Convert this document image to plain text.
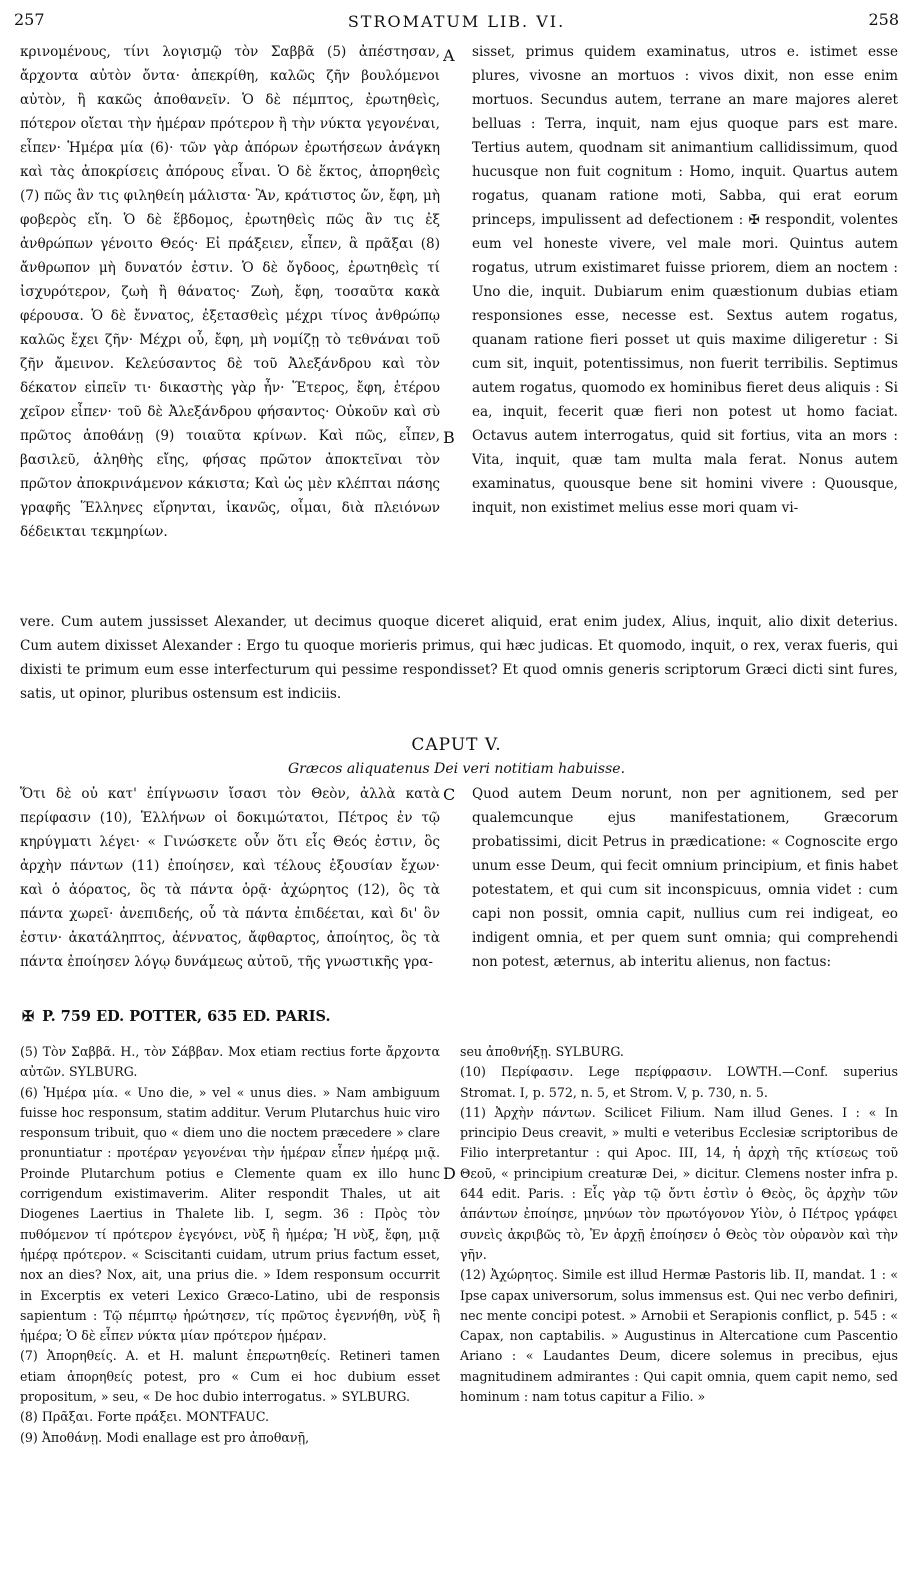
257	STROMATUM LIB. VI.	258
A
B
C
D

κρινομένους, τίνι λογισμῷ τὸν Σαββᾶ (5) ἀπέστησαν, ἄρχοντα αὐτὸν ὄντα· ἀπεκρίθη, καλῶς ζῆν βουλόμενοι αὐτὸν, ἢ κακῶς ἀποθανεῖν. Ὁ δὲ πέμπτος, ἐρωτηθεὶς, πότερον οἴεται τὴν ἡμέραν πρότερον ἢ τὴν νύκτα γεγονέναι, εἶπεν· Ἡμέρα μία (6)· τῶν γὰρ ἀπόρων ἐρωτήσεων ἀνάγκη καὶ τὰς ἀποκρίσεις ἀπόρους εἶναι. Ὁ δὲ ἕκτος, ἀπορηθεὶς (7) πῶς ἂν τις φιληθείη μάλιστα· Ἂν, κράτιστος ὤν, ἔφη, μὴ φοβερὸς εἴη. Ὁ δὲ ἕβδομος, ἐρωτηθεὶς πῶς ἂν τις ἐξ ἀνθρώπων γένοιτο Θεός· Εἰ πράξειεν, εἶπεν, ἃ πρᾶξαι (8) ἄνθρωπον μὴ δυνατόν ἐστιν. Ὁ δὲ ὄγδοος, ἐρωτηθεὶς τί ἰσχυρότερον, ζωὴ ἢ θάνατος· Ζωὴ, ἔφη, τοσαῦτα κακὰ φέρουσα. Ὁ δὲ ἔννατος, ἐξετασθεὶς μέχρι τίνος ἀνθρώπῳ καλῶς ἔχει ζῆν· Μέχρι οὗ, ἔφη, μὴ νομίζῃ τὸ τεθνάναι τοῦ ζῆν ἄμεινον. Κελεύσαντος δὲ τοῦ Ἀλεξάνδρου καὶ τὸν δέκατον εἰπεῖν τι· δικαστὴς γὰρ ἦν· Ἕτερος, ἔφη, ἑτέρου χεῖρον εἶπεν· τοῦ δὲ Ἀλεξάνδρου φήσαντος· Οὐκοῦν καὶ σὺ πρῶτος ἀποθάνῃ (9) τοιαῦτα κρίνων. Καὶ πῶς, εἶπεν, βασιλεῦ, ἀληθὴς εἴης, φήσας πρῶτον ἀποκτεῖναι τὸν πρῶτον ἀποκρινάμενον κάκιστα; Καὶ ὡς μὲν κλέπται πάσης γραφῆς Ἕλληνες εἴρηνται, ἱκανῶς, οἶμαι, διὰ πλειόνων δέδεικται τεκμηρίων.

sisset, primus quidem examinatus, utros e. istimet esse plures, vivosne an mortuos : vivos dixit, non esse enim mortuos. Secundus autem, terrane an mare majores aleret belluas : Terra, inquit, nam ejus quoque pars est mare. Tertius autem, quodnam sit animantium callidissimum, quod hucusque non fuit cognitum : Homo, inquit. Quartus autem rogatus, quanam ratione moti, Sabba, qui erat eorum princeps, impulissent ad defectionem : ✠ respondit, volentes eum vel honeste vivere, vel male mori. Quintus autem rogatus, utrum existimaret fuisse priorem, diem an noctem : Uno die, inquit. Dubiarum enim quæstionum dubias etiam responsiones esse, necesse est. Sextus autem rogatus, quanam ratione fieri posset ut quis maxime diligeretur : Si cum sit, inquit, potentissimus, non fuerit terribilis. Septimus autem rogatus, quomodo ex hominibus fieret deus aliquis : Si ea, inquit, fecerit quæ fieri non potest ut homo faciat. Octavus autem interrogatus, quid sit fortius, vita an mors : Vita, inquit, quæ tam multa mala ferat. Nonus autem examinatus, quousque bene sit homini vivere : Quousque, inquit, non existimet melius esse mori quam vi-

vere. Cum autem jussisset Alexander, ut decimus quoque diceret aliquid, erat enim judex, Alius, inquit, alio dixit deterius. Cum autem dixisset Alexander : Ergo tu quoque morieris primus, qui hæc judicas. Et quomodo, inquit, o rex, verax fueris, qui dixisti te primum eum esse interfecturum qui pessime respondisset? Et quod omnis generis scriptorum Græci dicti sint fures, satis, ut opinor, pluribus ostensum est indiciis.

CAPUT V.
Græcos aliquatenus Dei veri notitiam habuisse.

Ὅτι δὲ οὐ κατ' ἐπίγνωσιν ἴσασι τὸν Θεὸν, ἀλλὰ κατὰ περίφασιν (10), Ἑλλήνων οἱ δοκιμώτατοι, Πέτρος ἐν τῷ κηρύγματι λέγει· « Γινώσκετε οὖν ὅτι εἷς Θεός ἐστιν, ὃς ἀρχὴν πάντων (11) ἐποίησεν, καὶ τέλους ἐξουσίαν ἔχων· καὶ ὁ ἀόρατος, ὃς τὰ πάντα ὁρᾷ· ἀχώρητος (12), ὃς τὰ πάντα χωρεῖ· ἀνεπιδεής, οὗ τὰ πάντα ἐπιδέεται, καὶ δι' ὃν ἐστιν· ἀκατάληπτος, ἀέννατος, ἄφθαρτος, ἀποίητος, ὃς τὰ πάντα ἐποίησεν λόγῳ δυνάμεως αὐτοῦ, τῆς γνωστικῆς γρα-

Quod autem Deum norunt, non per agnitionem, sed per qualemcunque ejus manifestationem, Græcorum probatissimi, dicit Petrus in prædicatione: « Cognoscite ergo unum esse Deum, qui fecit omnium principium, et finis habet potestatem, et qui cum sit inconspicuus, omnia videt : cum capi non possit, omnia capit, nullius cum rei indigeat, eo indigent omnia, et per quem sunt omnia; qui comprehendi non potest, æternus, ab interitu alienus, non factus:

✠ P. 759 ED. POTTER, 635 ED. PARIS.

(5) Τὸν Σαββᾶ. H., τὸν Σάββαν. Mox etiam rectius forte ἄρχοντα αὐτῶν. SYLBURG.

(6) Ἡμέρα μία. « Uno die, » vel « unus dies. » Nam ambiguum fuisse hoc responsum, statim additur. Verum Plutarchus huic viro responsum tribuit, quo « diem uno die noctem præcedere » clare pronuntiatur : προτέραν γεγονέναι τὴν ἡμέραν εἶπεν ἡμέρᾳ μιᾷ. Proinde Plutarchum potius e Clemente quam ex illo hunc corrigendum existimaverim. Aliter respondit Thales, ut ait Diogenes Laertius in Thalete lib. I, segm. 36 : Πρὸς τὸν πυθόμενον τί πρότερον ἐγεγόνει, νὺξ ἢ ἡμέρα; Ἡ νὺξ, ἔφη, μιᾷ ἡμέρᾳ πρότερον. « Sciscitanti cuidam, utrum prius factum esset, nox an dies? Nox, ait, una prius die. » Idem responsum occurrit in Excerptis ex veteri Lexico Græco-Latino, ubi de responsis sapientum : Τῷ πέμπτῳ ἠρώτησεν, τίς πρῶτος ἐγεννήθη, νὺξ ἢ ἡμέρα; Ὁ δὲ εἶπεν νύκτα μίαν πρότερον ἡμέραν.

(7) Ἀπορηθείς. A. et H. malunt ἐπερωτηθείς. Retineri tamen etiam ἀπορηθείς potest, pro « Cum ei hoc dubium esset propositum, » seu, « De hoc dubio interrogatus. » SYLBURG.

(8) Πρᾶξαι. Forte πράξει. MONTFAUC.

(9) Ἀποθάνῃ. Modi enallage est pro ἀποθανῇ,

seu ἀποθνήξῃ. SYLBURG.

(10) Περίφασιν. Lege περίφρασιν. LOWTH.—Conf. superius Stromat. I, p. 572, n. 5, et Strom. V, p. 730, n. 5.

(11) Ἀρχὴν πάντων. Scilicet Filium. Nam illud Genes. I : « In principio Deus creavit, » multi e veteribus Ecclesiæ scriptoribus de Filio interpretantur : qui Apoc. III, 14, ἡ ἀρχὴ τῆς κτίσεως τοῦ Θεοῦ, « principium creaturæ Dei, » dicitur. Clemens noster infra p. 644 edit. Paris. : Εἷς γὰρ τῷ ὄντι ἐστὶν ὁ Θεὸς, ὃς ἀρχὴν τῶν ἁπάντων ἐποίησε, μηνύων τὸν πρωτόγονον Υἱὸν, ὁ Πέτρος γράφει συνεὶς ἀκριβῶς τὸ, Ἐν ἀρχῇ ἐποίησεν ὁ Θεὸς τὸν οὐρανὸν καὶ τὴν γῆν.

(12) Ἀχώρητος. Simile est illud Hermæ Pastoris lib. II, mandat. 1 : « Ipse capax universorum, solus immensus est. Qui nec verbo definiri, nec mente concipi potest. » Arnobii et Serapionis conflict, p. 545 : « Capax, non captabilis. » Augustinus in Altercatione cum Pascentio Ariano : « Laudantes Deum, dicere solemus in precibus, ejus magnitudinem admirantes : Qui capit omnia, quem capit nemo, sed hominum : nam totus capitur a Filio. »
